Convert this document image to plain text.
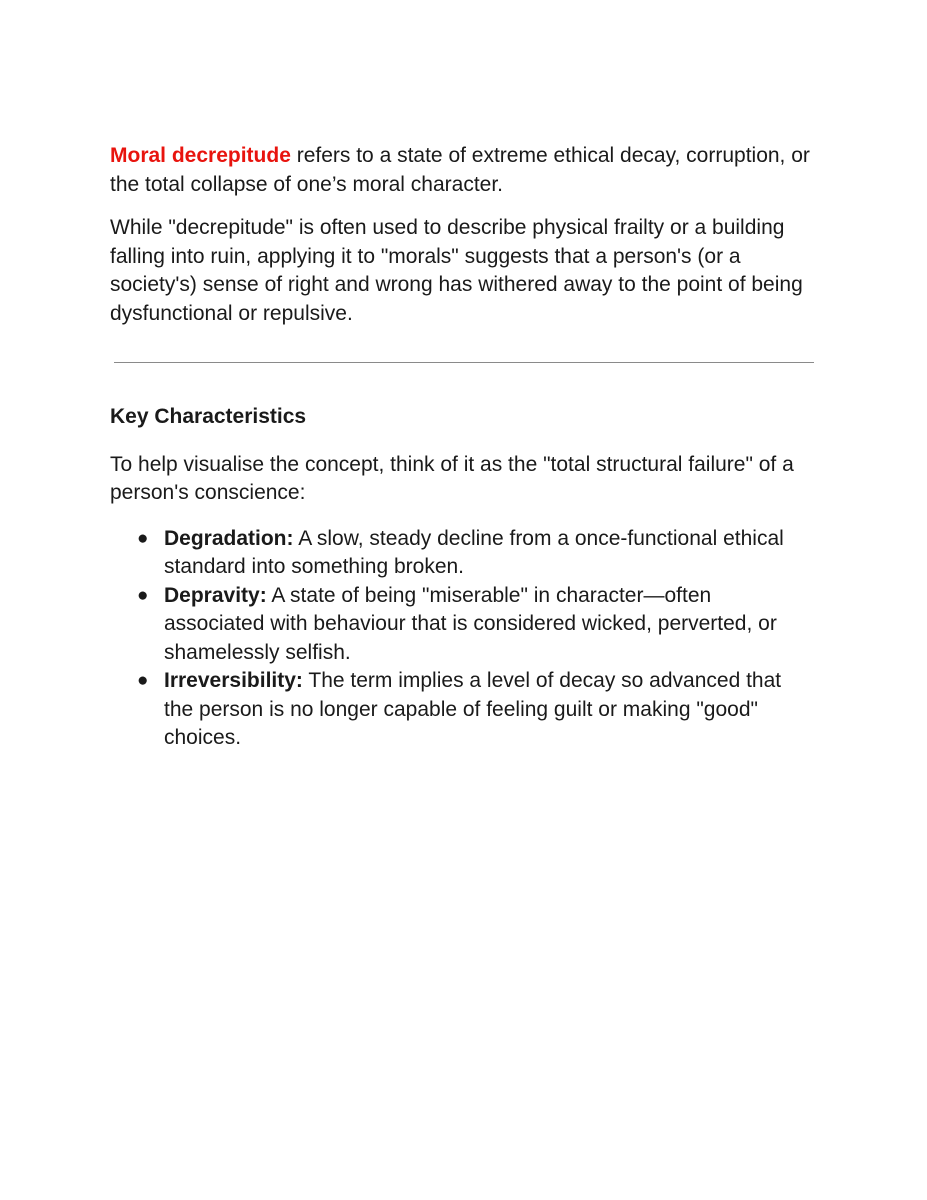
Moral decrepitude refers to a state of extreme ethical decay, corruption, or the total collapse of one’s moral character.

While "decrepitude" is often used to describe physical frailty or a building falling into ruin, applying it to "morals" suggests that a person's (or a society's) sense of right and wrong has withered away to the point of being dysfunctional or repulsive.

Key Characteristics

To help visualise the concept, think of it as the "total structural failure" of a person's conscience:

● Degradation: A slow, steady decline from a once-functional ethical standard into something broken.
● Depravity: A state of being "miserable" in character—often associated with behaviour that is considered wicked, perverted, or shamelessly selfish.
● Irreversibility: The term implies a level of decay so advanced that the person is no longer capable of feeling guilt or making "good" choices.
